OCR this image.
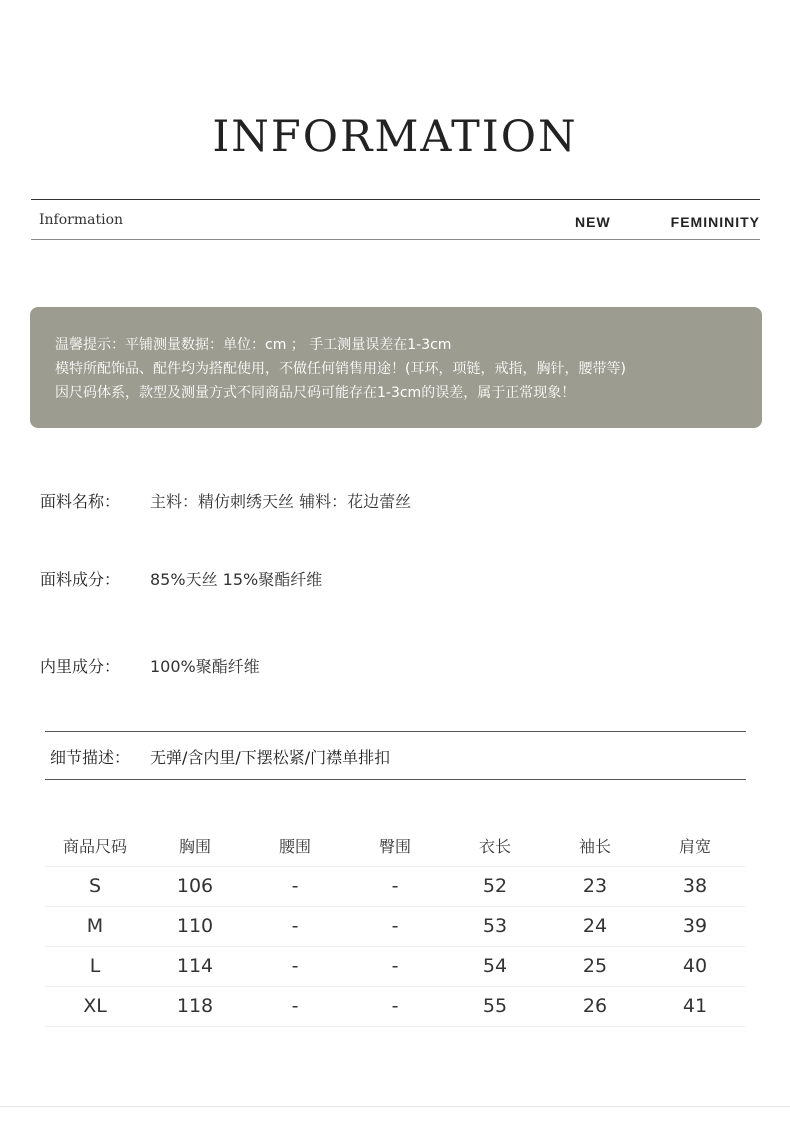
INFORMATION
Information	NEW	FEMININITY
温馨提示：平铺测量数据：单位：cm ； 手工测量误差在1-3cm
模特所配饰品、配件均为搭配使用，不做任何销售用途！(耳环，项链，戒指，胸针，腰带等)
因尺码体系，款型及测量方式不同商品尺码可能存在1-3cm的误差，属于正常现象！
面料名称： 主料：精仿刺绣天丝 辅料：花边蕾丝
面料成分： 85%天丝 15%聚酯纤维
内里成分： 100%聚酯纤维
细节描述： 无弹/含内里/下摆松紧/门襟单排扣
商品尺码	胸围	腰围	臀围	衣长	袖长	肩宽
S	106	-	-	52	23	38
M	110	-	-	53	24	39
L	114	-	-	54	25	40
XL	118	-	-	55	26	41
